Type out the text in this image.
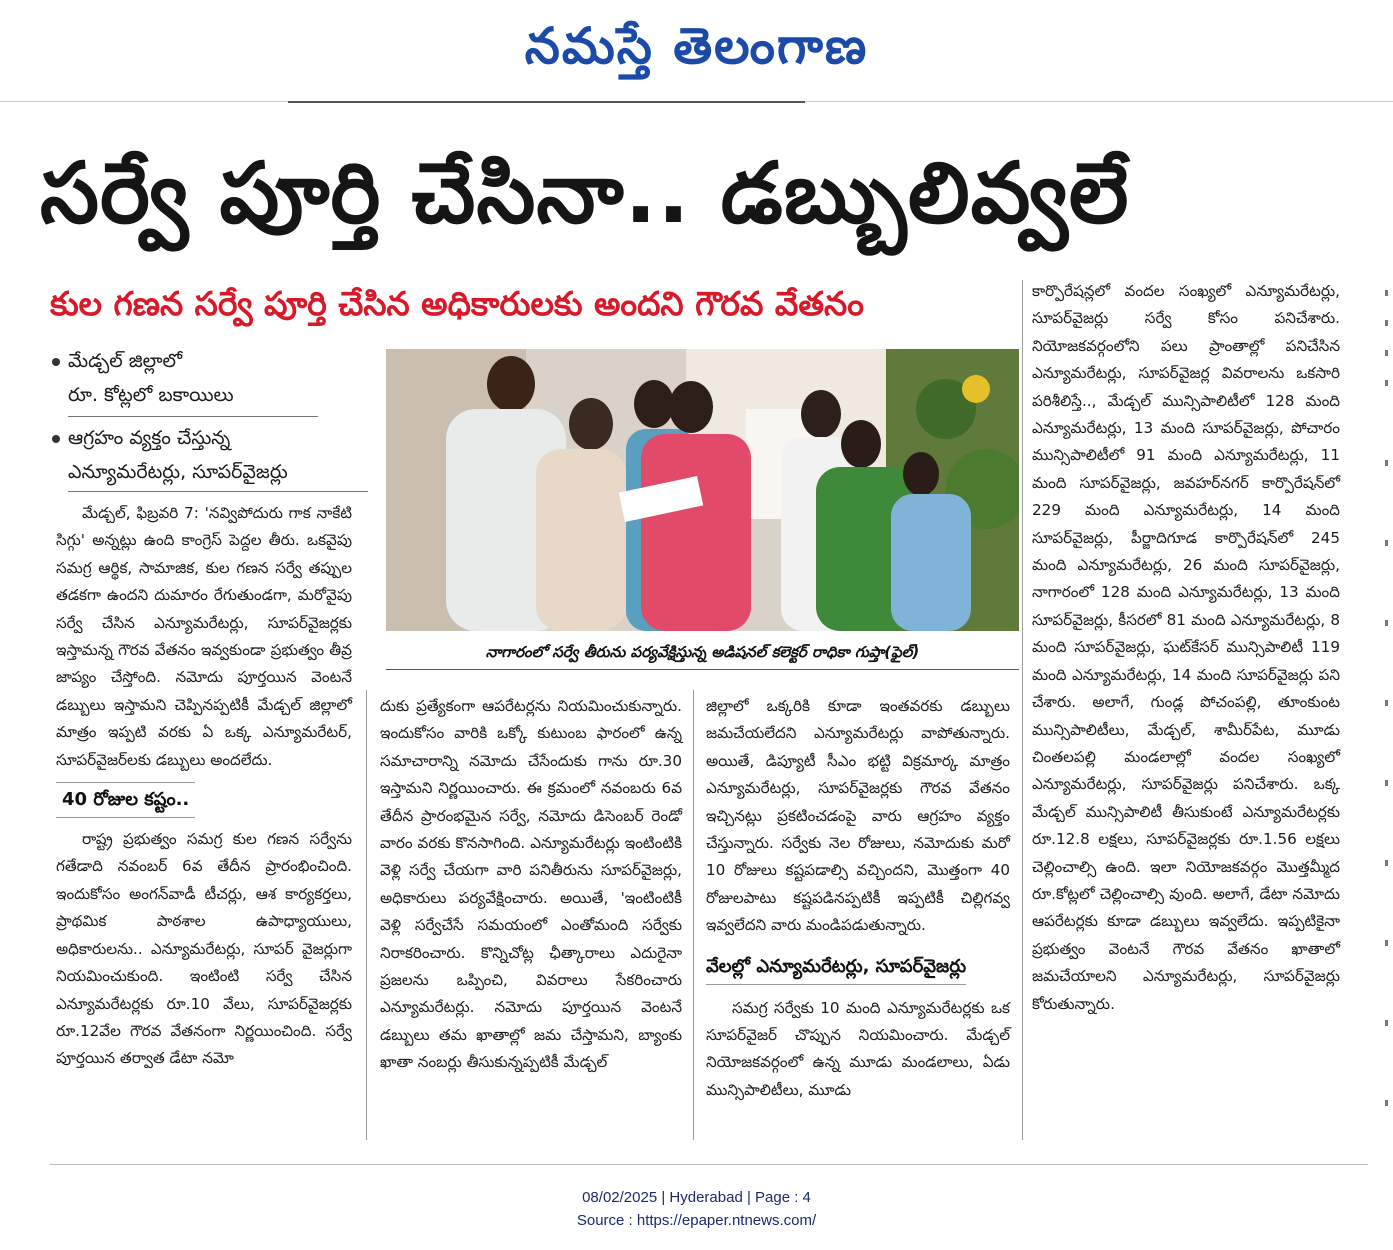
నమస్తే తెలంగాణ
సర్వే పూర్తి చేసినా.. డబ్బులివ్వలే
కుల గణన సర్వే పూర్తి చేసిన అధికారులకు అందని గౌరవ వేతనం
మేడ్చల్ జిల్లాలో
రూ. కోట్లలో బకాయిలు
ఆగ్రహం వ్యక్తం చేస్తున్న
ఎన్యూమరేటర్లు, సూపర్‌వైజర్లు

మేడ్చల్, ఫిబ్రవరి 7: 'నవ్విపోదురు గాక నాకేటి సిగ్గు' అన్నట్లు ఉంది కాంగ్రెస్ పెద్దల తీరు. ఒకవైపు సమగ్ర ఆర్థిక, సామాజిక, కుల గణన సర్వే తప్పుల తడకగా ఉందని దుమారం రేగుతుండగా, మరోవైపు సర్వే చేసిన ఎన్యూమరేటర్లు, సూపర్‌వైజర్లకు ఇస్తామన్న గౌరవ వేతనం ఇవ్వకుండా ప్రభుత్వం తీవ్ర జాప్యం చేస్తోంది. నమోదు పూర్తయిన వెంటనే డబ్బులు ఇస్తామని చెప్పినప్పటికీ మేడ్చల్ జిల్లాలో మాత్రం ఇప్పటి వరకు ఏ ఒక్క ఎన్యూమరేటర్, సూపర్‌వైజర్‌లకు డబ్బులు అందలేదు.

40 రోజుల కష్టం..

రాష్ట్ర ప్రభుత్వం సమగ్ర కుల గణన సర్వేను గతేడాది నవంబర్ 6వ తేదీన ప్రారంభించింది. ఇందుకోసం అంగన్‌వాడీ టీచర్లు, ఆశ కార్యకర్తలు, ప్రాథమిక పాఠశాల ఉపాధ్యాయులు, అధికారులను.. ఎన్యూమరేటర్లు, సూపర్ వైజర్లుగా నియమించుకుంది. ఇంటింటి సర్వే చేసిన ఎన్యూమరేటర్లకు రూ.10 వేలు, సూపర్‌వైజర్లకు రూ.12వేల గౌరవ వేతనంగా నిర్ణయించింది. సర్వే పూర్తయిన తర్వాత డేటా నమో

నాగారంలో సర్వే తీరును పర్యవేక్షిస్తున్న అడిషనల్ కలెక్టర్ రాధికా గుప్తా(ఫైల్)

దుకు ప్రత్యేకంగా ఆపరేటర్లను నియమించుకున్నారు. ఇందుకోసం వారికి ఒక్కో కుటుంబ ఫారంలో ఉన్న సమాచారాన్ని నమోదు చేసేందుకు గాను రూ.30 ఇస్తామని నిర్ణయించారు. ఈ క్రమంలో నవంబరు 6వ తేదీన ప్రారంభమైన సర్వే, నమోదు డిసెంబర్ రెండో వారం వరకు కొనసాగింది. ఎన్యూమరేటర్లు ఇంటింటికి వెళ్లి సర్వే చేయగా వారి పనితీరును సూపర్‌వైజర్లు, అధికారులు పర్యవేక్షించారు. అయితే, 'ఇంటింటికీ వెళ్లి సర్వేచేసే సమయంలో ఎంతోమంది సర్వేకు నిరాకరించారు. కొన్నిచోట్ల ఛీత్కారాలు ఎదురైనా ప్రజలను ఒప్పించి, వివరాలు సేకరించారు ఎన్యూమరేటర్లు. నమోదు పూర్తయిన వెంటనే డబ్బులు తమ ఖాతాల్లో జమ చేస్తామని, బ్యాంకు ఖాతా నంబర్లు తీసుకున్నప్పటికీ మేడ్చల్

జిల్లాలో ఒక్కరికి కూడా ఇంతవరకు డబ్బులు జమచేయలేదని ఎన్యూమరేటర్లు వాపోతున్నారు. అయితే, డిప్యూటీ సీఎం భట్టి విక్రమార్క మాత్రం ఎన్యూమరేటర్లు, సూపర్‌వైజర్లకు గౌరవ వేతనం ఇచ్చినట్లు ప్రకటించడంపై వారు ఆగ్రహం వ్యక్తం చేస్తున్నారు. సర్వేకు నెల రోజులు, నమోదుకు మరో 10 రోజులు కష్టపడాల్సి వచ్చిందని, మొత్తంగా 40 రోజులపాటు కష్టపడినప్పటికీ ఇప్పటికీ చిల్లిగవ్వ ఇవ్వలేదని వారు మండిపడుతున్నారు.

వేలల్లో ఎన్యూమరేటర్లు, సూపర్‌వైజర్లు

సమగ్ర సర్వేకు 10 మంది ఎన్యూమరేటర్లకు ఒక సూపర్‌వైజర్ చొప్పున నియమించారు. మేడ్చల్ నియోజకవర్గంలో ఉన్న మూడు మండలాలు, ఏడు మున్సిపాలిటీలు, మూడు

కార్పొరేషన్లలో వందల సంఖ్యలో ఎన్యూమరేటర్లు, సూపర్‌వైజర్లు సర్వే కోసం పనిచేశారు. నియోజకవర్గంలోని పలు ప్రాంతాల్లో పనిచేసిన ఎన్యూమరేటర్లు, సూపర్‌వైజర్ల వివరాలను ఒకసారి పరిశీలిస్తే.., మేడ్చల్ మున్సిపాలిటీలో 128 మంది ఎన్యూమరేటర్లు, 13 మంది సూపర్‌వైజర్లు, పోచారం మున్సిపాలిటీలో 91 మంది ఎన్యూమరేటర్లు, 11 మంది సూపర్‌వైజర్లు, జవహర్‌నగర్ కార్పొరేషన్‌లో 229 మంది ఎన్యూమరేటర్లు, 14 మంది సూపర్‌వైజర్లు, పీర్జాదిగూడ కార్పొరేషన్‌లో 245 మంది ఎన్యూమరేటర్లు, 26 మంది సూపర్‌వైజర్లు, నాగారంలో 128 మంది ఎన్యూమరేటర్లు, 13 మంది సూపర్‌వైజర్లు, కీసరలో 81 మంది ఎన్యూమరేటర్లు, 8 మంది సూపర్‌వైజర్లు, ఘట్‌కేసర్ మున్సిపాలిటీ 119 మంది ఎన్యూమరేటర్లు, 14 మంది సూపర్‌వైజర్లు పని చేశారు. అలాగే, గుండ్ల పోచంపల్లి, తూంకుంట మున్సిపాలిటీలు, మేడ్చల్, శామీర్‌పేట, మూడు చింతలపల్లి మండలాల్లో వందల సంఖ్యలో ఎన్యూమరేటర్లు, సూపర్‌వైజర్లు పనిచేశారు. ఒక్క మేడ్చల్ మున్సిపాలిటీ తీసుకుంటే ఎన్యూమరేటర్లకు రూ.12.8 లక్షలు, సూపర్‌వైజర్లకు రూ.1.56 లక్షలు చెల్లించాల్సి ఉంది. ఇలా నియోజకవర్గం మొత్తమ్మీద రూ.కోట్లలో చెల్లించాల్సి వుంది. అలాగే, డేటా నమోదు ఆపరేటర్లకు కూడా డబ్బులు ఇవ్వలేదు. ఇప్పటికైనా ప్రభుత్వం వెంటనే గౌరవ వేతనం ఖాతాలో జమచేయాలని ఎన్యూమరేటర్లు, సూపర్‌వైజర్లు కోరుతున్నారు.

08/02/2025 | Hyderabad | Page : 4
Source : https://epaper.ntnews.com/
